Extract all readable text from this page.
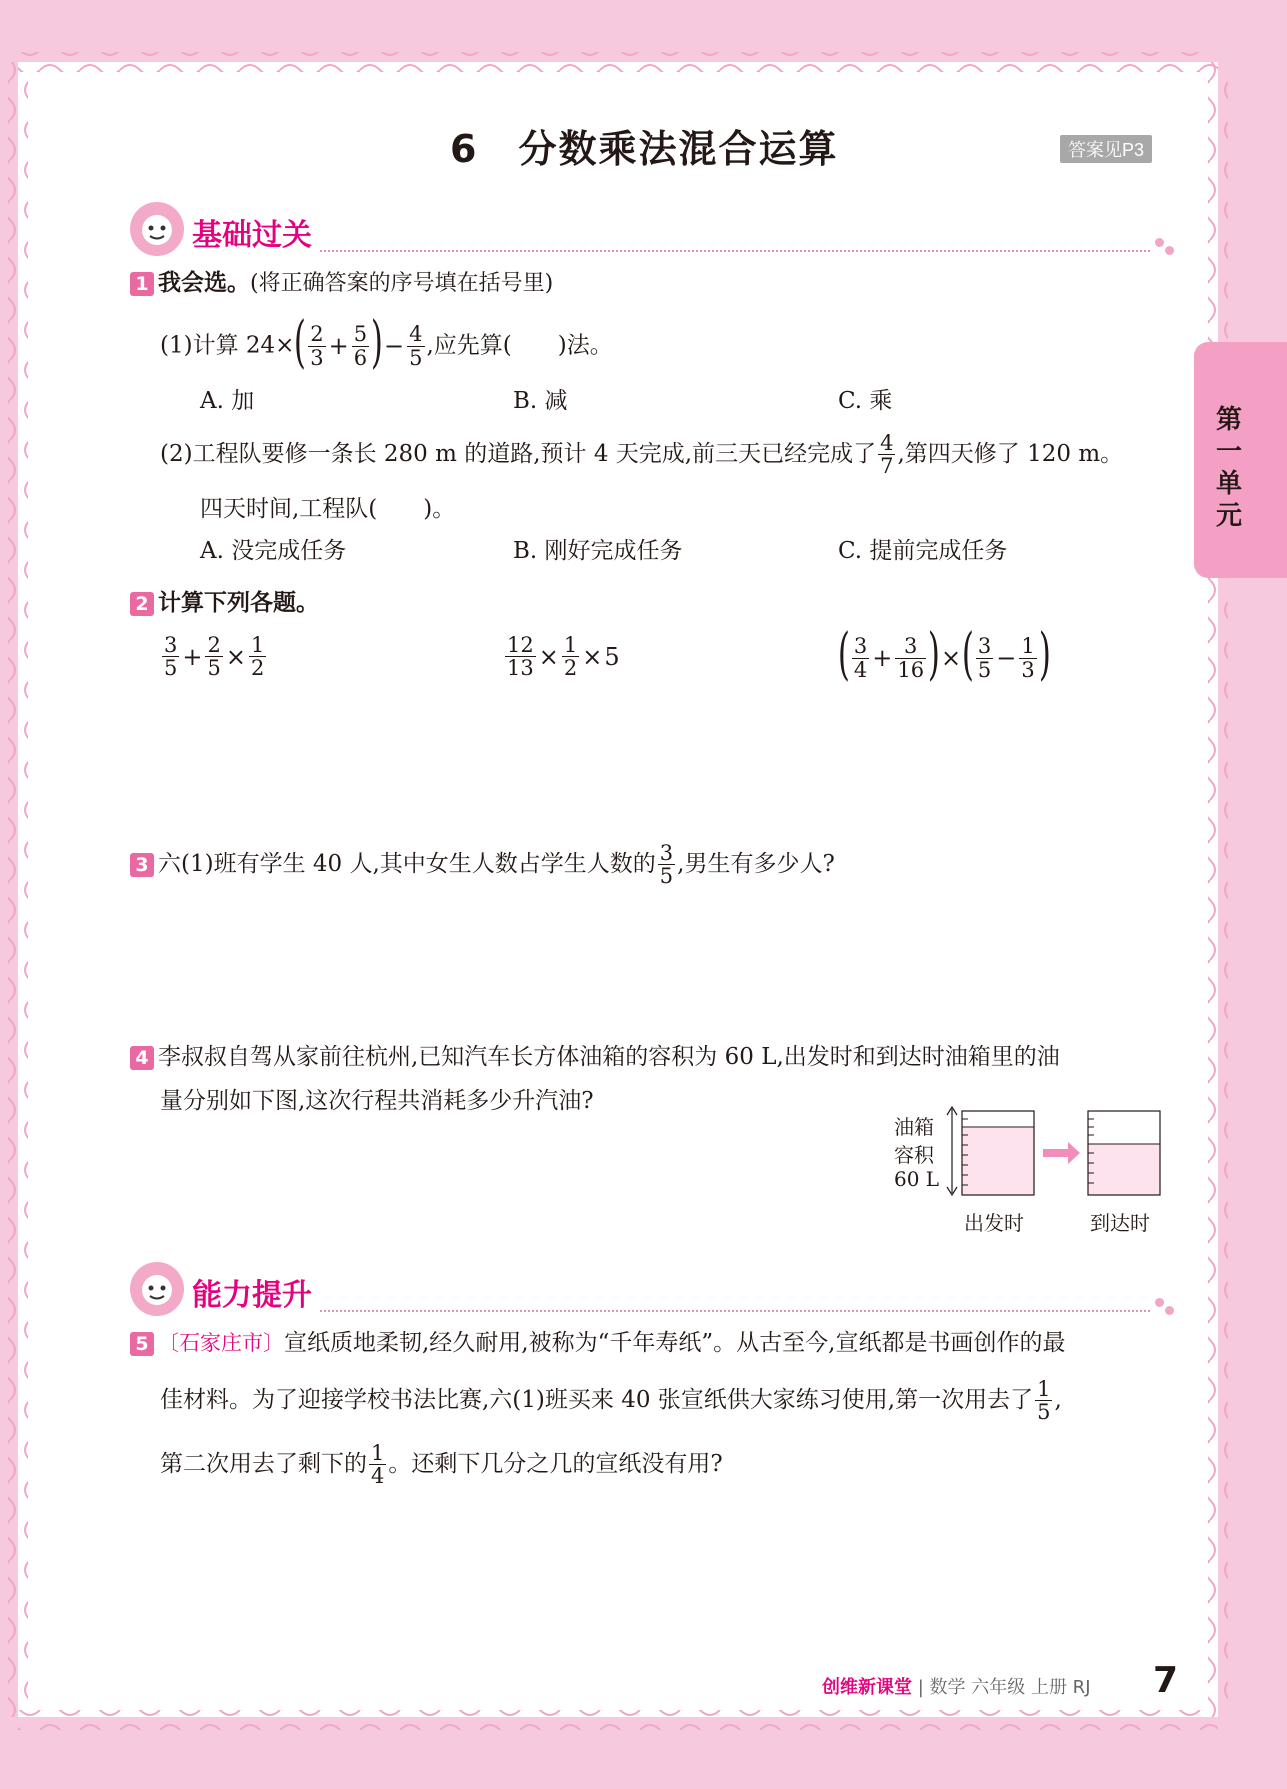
6　分数乘法混合运算	答案见P3
第一单元
基础过关
1 我会选。(将正确答案的序号填在括号里)
(1)计算 $24\times( \frac{2}{3} + \frac{5}{6}$ )− $\frac{4}{5}$ ,应先算(　　)法。
A. 加	B. 减	C. 乘
(2)工程队要修一条长 280 m 的道路,预计 4 天完成,前三天已经完成了 $\frac{4}{7}$ ,第四天修了 120 m。
四天时间,工程队(　　)。
A. 没完成任务	B. 刚好完成任务	C. 提前完成任务
2 计算下列各题。
$\frac{3}{5} + \frac{2}{5} \times \frac{1}{2}$	$\frac{12}{13} \times \frac{1}{2} \times 5$	( $\frac{3}{4} + \frac{3}{16}$ )×( $\frac{3}{5} - \frac{1}{3}$ )
3 六(1)班有学生 40 人,其中女生人数占学生人数的 $\frac{3}{5}$ ,男生有多少人?
4 李叔叔自驾从家前往杭州,已知汽车长方体油箱的容积为 60 L,出发时和到达时油箱里的油
量分别如下图,这次行程共消耗多少升汽油?
油箱
容积
60 L
出发时	到达时
能力提升
5 〔石家庄市〕宣纸质地柔韧,经久耐用,被称为“千年寿纸”。从古至今,宣纸都是书画创作的最
佳材料。为了迎接学校书法比赛,六(1)班买来 40 张宣纸供大家练习使用,第一次用去了 $\frac{1}{5}$ ,
第二次用去了剩下的 $\frac{1}{4}$ 。还剩下几分之几的宣纸没有用?
创维新课堂 | 数学 六年级 上册 RJ 7
